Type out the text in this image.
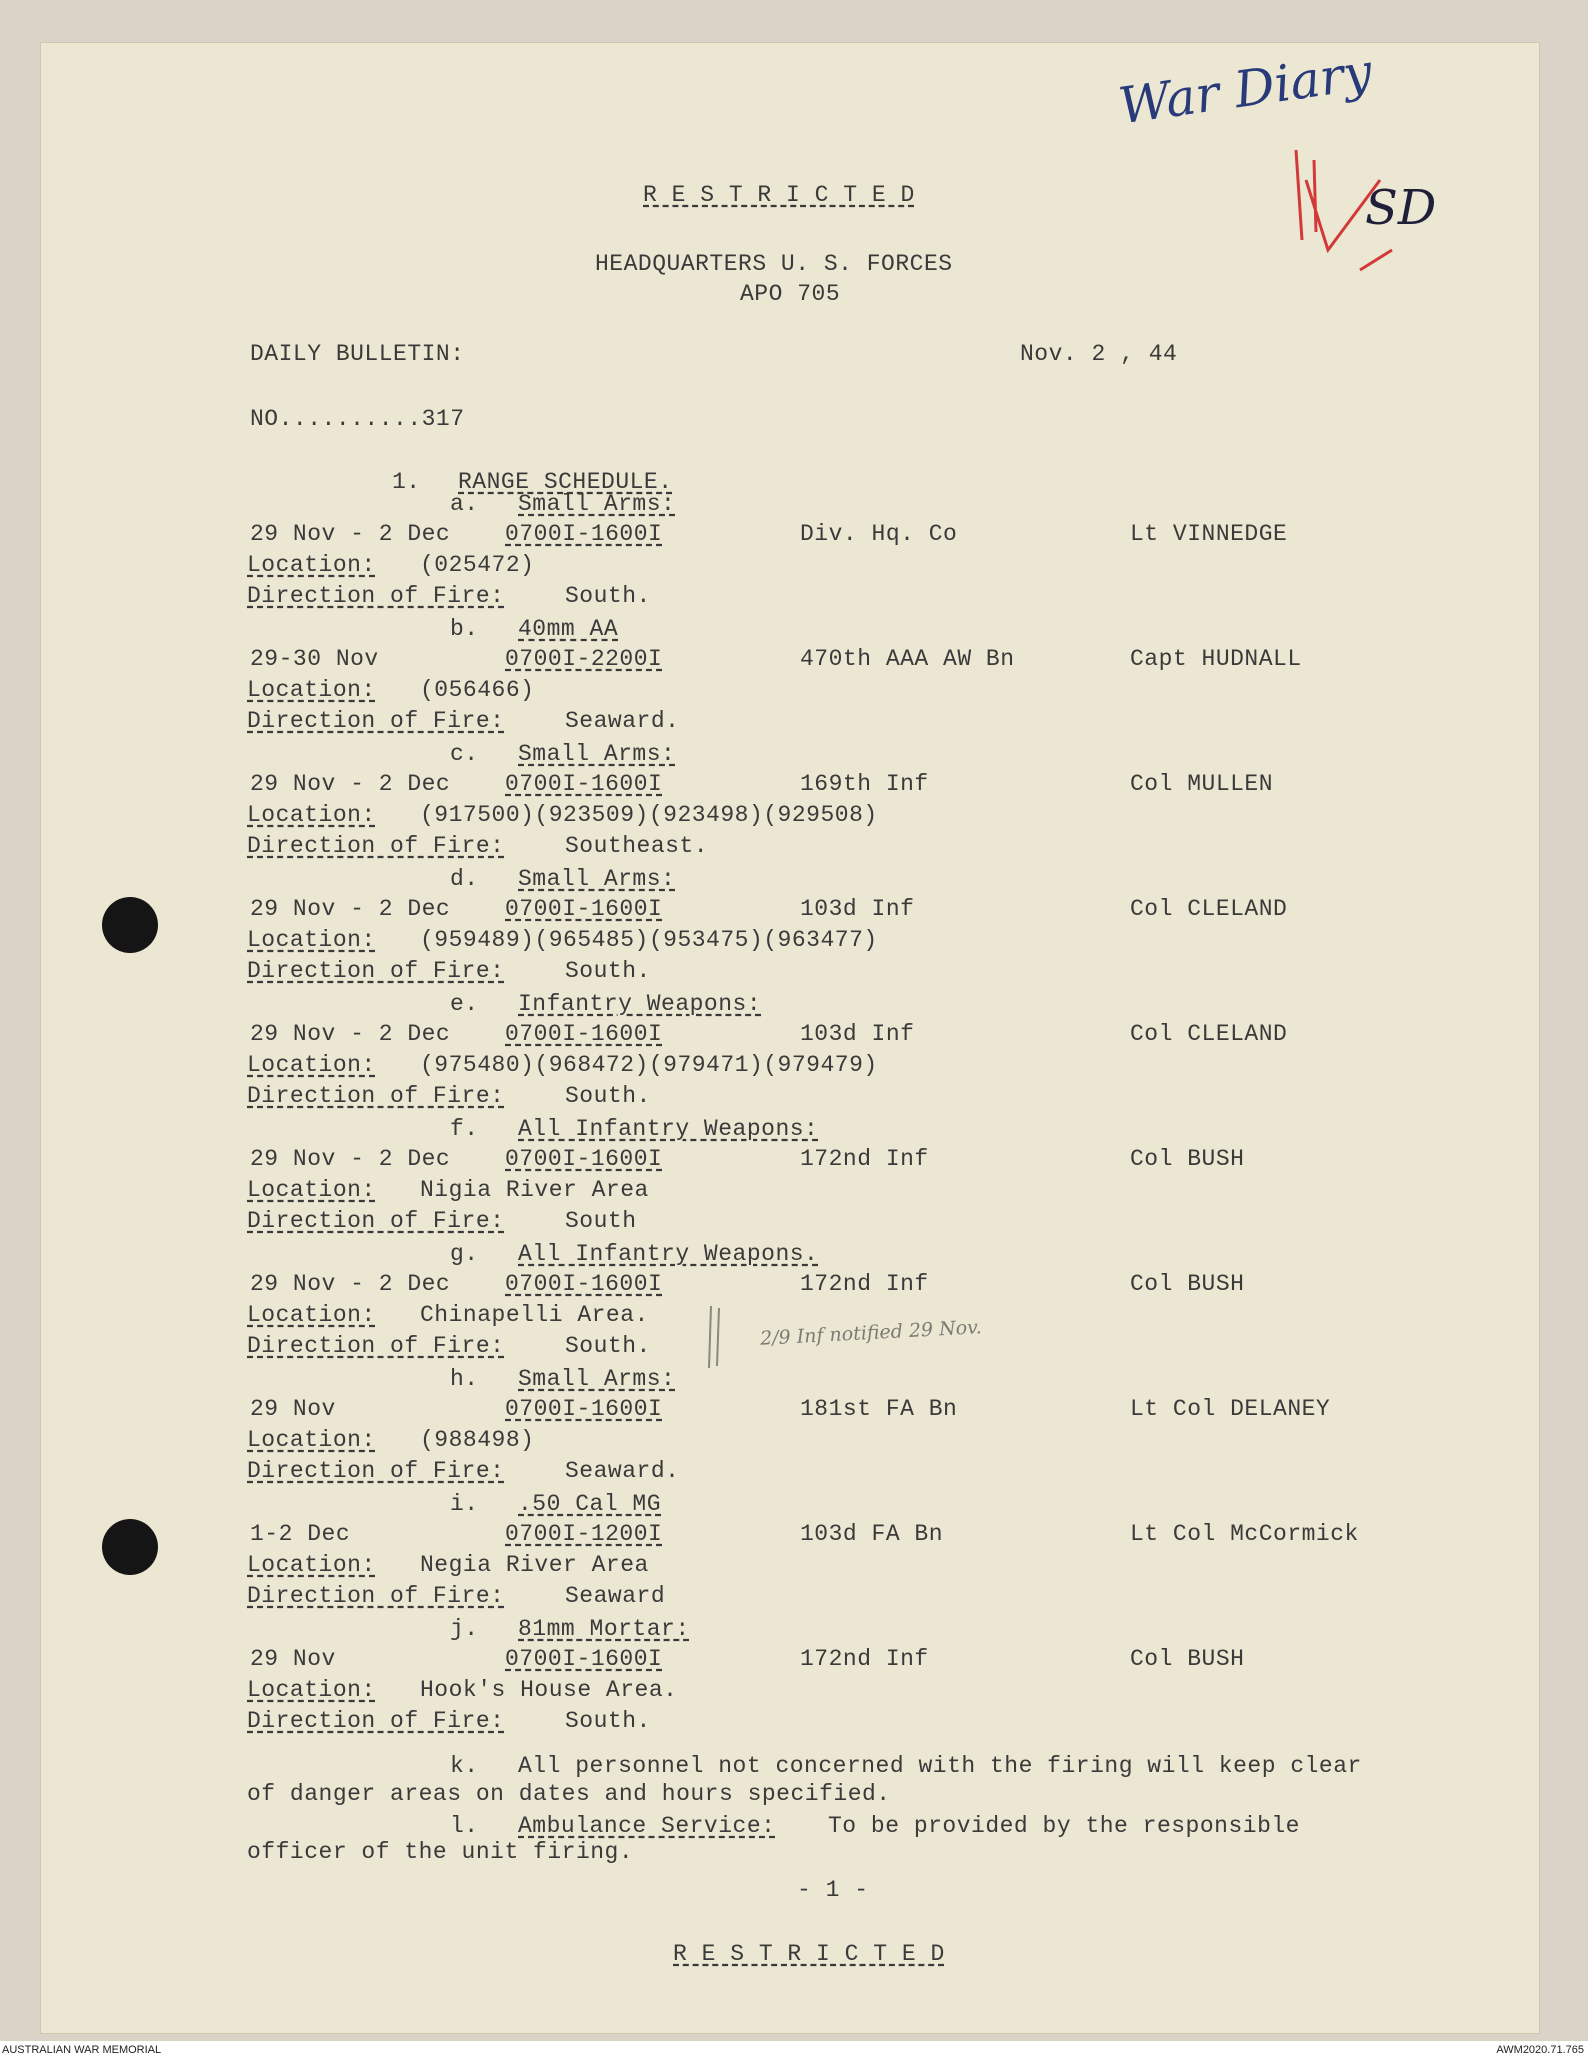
War Diary
SD
R E S T R I C T E D
HEADQUARTERS U. S. FORCES
APO 705
DAILY BULLETIN:	Nov. 2 , 44
NO..........317
1. RANGE SCHEDULE.
a. Small Arms:
29 Nov - 2 Dec 0700I-1600I	Div. Hq. Co	Lt VINNEDGE
Location: (025472)
Direction of Fire:	South.
b. 40mm AA
29-30 Nov	0700I-2200I	470th AAA AW Bn	Capt HUDNALL
Location: (056466)
Direction of Fire:	Seaward.
c. Small Arms:
29 Nov - 2 Dec 0700I-1600I	169th Inf	Col MULLEN
Location: (917500)(923509)(923498)(929508)
Direction of Fire:	Southeast.
d. Small Arms:
29 Nov - 2 Dec 0700I-1600I	103d Inf	Col CLELAND
Location: (959489)(965485)(953475)(963477)
Direction of Fire:	South.
e. Infantry Weapons:
29 Nov - 2 Dec 0700I-1600I	103d Inf	Col CLELAND
Location: (975480)(968472)(979471)(979479)
Direction of Fire:	South.
f. All Infantry Weapons:
29 Nov - 2 Dec 0700I-1600I	172nd Inf	Col BUSH
Location: Nigia River Area
Direction of Fire:	South
g. All Infantry Weapons.
29 Nov - 2 Dec 0700I-1600I	172nd Inf	Col BUSH
Location: Chinapelli Area.
Direction of Fire:	South.
h. Small Arms:
29 Nov	0700I-1600I	181st FA Bn	Lt Col DELANEY
Location: (988498)
Direction of Fire:	Seaward.
i. .50 Cal MG
1-2 Dec	0700I-1200I	103d FA Bn	Lt Col McCormick
Location: Negia River Area
Direction of Fire:	Seaward
j. 81mm Mortar:
29 Nov	0700I-1600I	172nd Inf	Col BUSH
Location: Hook's House Area.
Direction of Fire:	South.
2/9 Inf notified 29 Nov.
k. All personnel not concerned with the firing will keep clear
of danger areas on dates and hours specified.
l. Ambulance Service: To be provided by the responsible
officer of the unit firing.
- 1 -
R E S T R I C T E D
AUSTRALIAN WAR MEMORIAL	AWM2020.71.765
